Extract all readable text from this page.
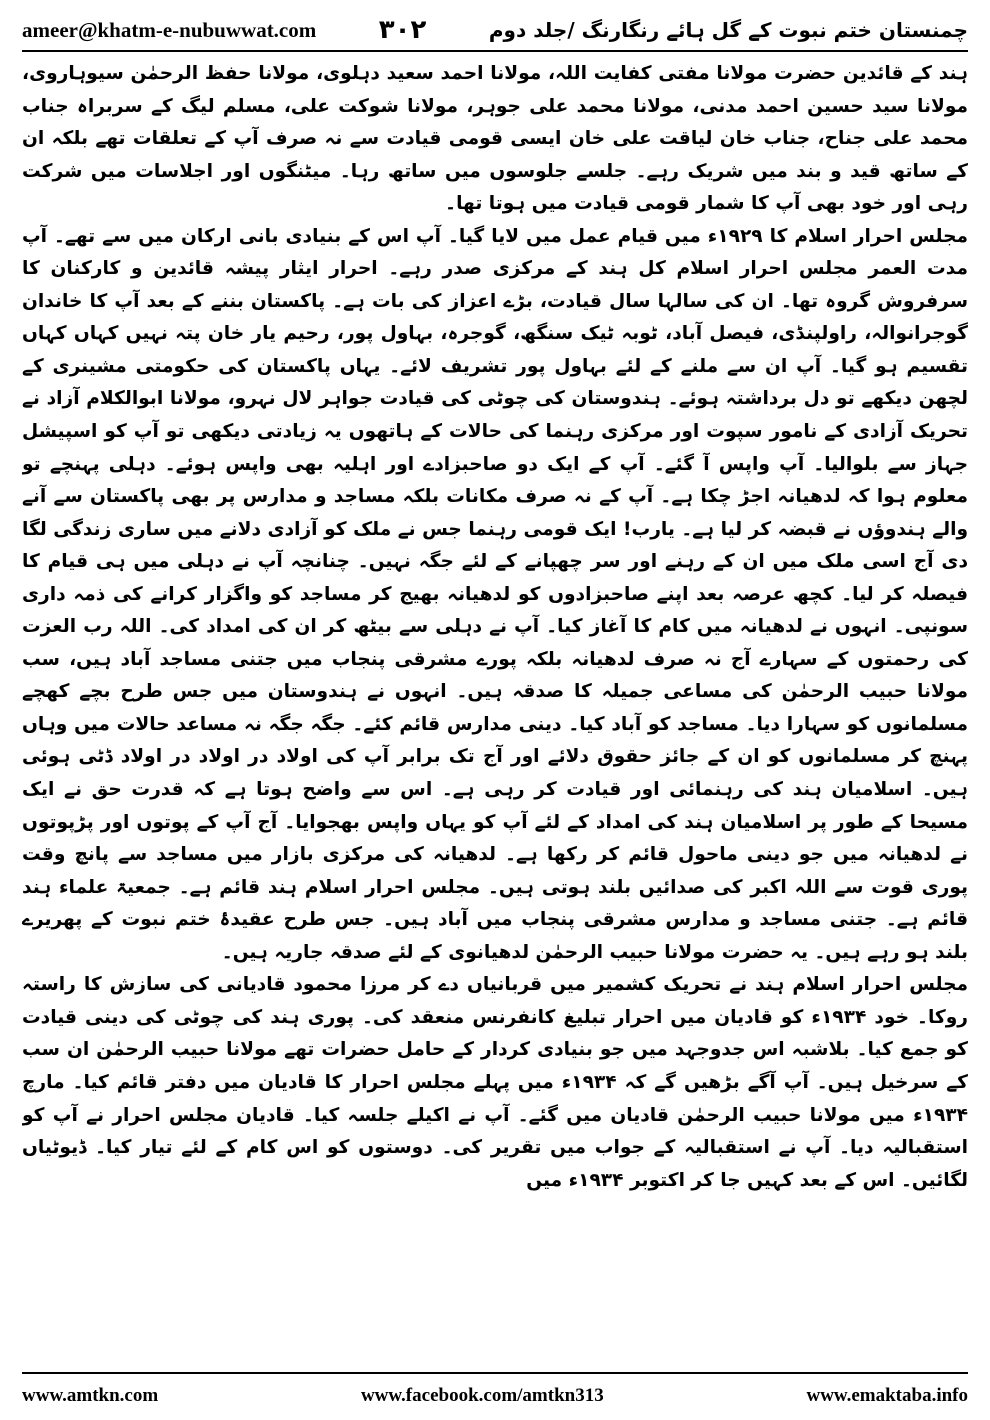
ameer@khatm-e-nubuwwat.com ۳۰۲	چمنستان ختم نبوت کے گل ہائے رنگارنگ /جلد دوم

ہند کے قائدین حضرت مولانا مفتی کفایت اللہ، مولانا احمد سعید دہلوی، مولانا حفظ الرحمٰن سیوہاروی، مولانا سید حسین احمد مدنی، مولانا محمد علی جوہر، مولانا شوکت علی، مسلم لیگ کے سربراہ جناب محمد علی جناح، جناب خان لیاقت علی خان ایسی قومی قیادت سے نہ صرف آپ کے تعلقات تھے بلکہ ان کے ساتھ قید و بند میں شریک رہے۔ جلسے جلوسوں میں ساتھ رہا۔ میٹنگوں اور اجلاسات میں شرکت رہی اور خود بھی آپ کا شمار قومی قیادت میں ہوتا تھا۔

مجلس احرار اسلام کا ۱۹۲۹ء میں قیام عمل میں لایا گیا۔ آپ اس کے بنیادی بانی ارکان میں سے تھے۔ آپ مدت العمر مجلس احرار اسلام کل ہند کے مرکزی صدر رہے۔ احرار ایثار پیشہ قائدین و کارکنان کا سرفروش گروہ تھا۔ ان کی سالہا سال قیادت، بڑے اعزاز کی بات ہے۔ پاکستان بننے کے بعد آپ کا خاندان گوجرانوالہ، راولپنڈی، فیصل آباد، ٹوبہ ٹیک سنگھ، گوجرہ، بہاول پور، رحیم یار خان پتہ نہیں کہاں کہاں تقسیم ہو گیا۔ آپ ان سے ملنے کے لئے بہاول پور تشریف لائے۔ یہاں پاکستان کی حکومتی مشینری کے لچھن دیکھے تو دل برداشتہ ہوئے۔ ہندوستان کی چوٹی کی قیادت جواہر لال نہرو، مولانا ابوالکلام آزاد نے تحریک آزادی کے نامور سپوت اور مرکزی رہنما کی حالات کے ہاتھوں یہ زیادتی دیکھی تو آپ کو اسپیشل جہاز سے بلوالیا۔ آپ واپس آ گئے۔ آپ کے ایک دو صاحبزادے اور اہلیہ بھی واپس ہوئے۔ دہلی پہنچے تو معلوم ہوا کہ لدھیانہ اجڑ چکا ہے۔ آپ کے نہ صرف مکانات بلکہ مساجد و مدارس پر بھی پاکستان سے آنے والے ہندوؤں نے قبضہ کر لیا ہے۔ یارب! ایک قومی رہنما جس نے ملک کو آزادی دلانے میں ساری زندگی لگا دی آج اسی ملک میں ان کے رہنے اور سر چھپانے کے لئے جگہ نہیں۔ چنانچہ آپ نے دہلی میں ہی قیام کا فیصلہ کر لیا۔ کچھ عرصہ بعد اپنے صاحبزادوں کو لدھیانہ بھیج کر مساجد کو واگزار کرانے کی ذمہ داری سونپی۔ انہوں نے لدھیانہ میں کام کا آغاز کیا۔ آپ نے دہلی سے بیٹھ کر ان کی امداد کی۔ اللہ رب العزت کی رحمتوں کے سہارے آج نہ صرف لدھیانہ بلکہ پورے مشرقی پنجاب میں جتنی مساجد آباد ہیں، سب مولانا حبیب الرحمٰن کی مساعی جمیلہ کا صدقہ ہیں۔ انہوں نے ہندوستان میں جس طرح بچے کھچے مسلمانوں کو سہارا دیا۔ مساجد کو آباد کیا۔ دینی مدارس قائم کئے۔ جگہ جگہ نہ مساعد حالات میں وہاں پہنچ کر مسلمانوں کو ان کے جائز حقوق دلائے اور آج تک برابر آپ کی اولاد در اولاد در اولاد ڈٹی ہوئی ہیں۔ اسلامیان ہند کی رہنمائی اور قیادت کر رہی ہے۔ اس سے واضح ہوتا ہے کہ قدرت حق نے ایک مسیحا کے طور پر اسلامیان ہند کی امداد کے لئے آپ کو یہاں واپس بھجوایا۔ آج آپ کے پوتوں اور پڑپوتوں نے لدھیانہ میں جو دینی ماحول قائم کر رکھا ہے۔ لدھیانہ کی مرکزی بازار میں مساجد سے پانچ وقت پوری قوت سے اللہ اکبر کی صدائیں بلند ہوتی ہیں۔ مجلس احرار اسلام ہند قائم ہے۔ جمعیۃ علماء ہند قائم ہے۔ جتنی مساجد و مدارس مشرقی پنجاب میں آباد ہیں۔ جس طرح عقیدۂ ختم نبوت کے پھریرے بلند ہو رہے ہیں۔ یہ حضرت مولانا حبیب الرحمٰن لدھیانوی کے لئے صدقہ جاریہ ہیں۔

مجلس احرار اسلام ہند نے تحریک کشمیر میں قربانیاں دے کر مرزا محمود قادیانی کی سازش کا راستہ روکا۔ خود ۱۹۳۴ء کو قادیان میں احرار تبلیغ کانفرنس منعقد کی۔ پوری ہند کی چوٹی کی دینی قیادت کو جمع کیا۔ بلاشبہ اس جدوجہد میں جو بنیادی کردار کے حامل حضرات تھے مولانا حبیب الرحمٰن ان سب کے سرخیل ہیں۔ آپ آگے بڑھیں گے کہ ۱۹۳۴ء میں پہلے مجلس احرار کا قادیان میں دفتر قائم کیا۔ مارچ ۱۹۳۴ء میں مولانا حبیب الرحمٰن قادیان میں گئے۔ آپ نے اکیلے جلسہ کیا۔ قادیان مجلس احرار نے آپ کو استقبالیہ دیا۔ آپ نے استقبالیہ کے جواب میں تقریر کی۔ دوستوں کو اس کام کے لئے تیار کیا۔ ڈیوٹیاں لگائیں۔ اس کے بعد کہیں جا کر اکتوبر ۱۹۳۴ء میں

www.amtkn.com	www.facebook.com/amtkn313	www.emaktaba.info
